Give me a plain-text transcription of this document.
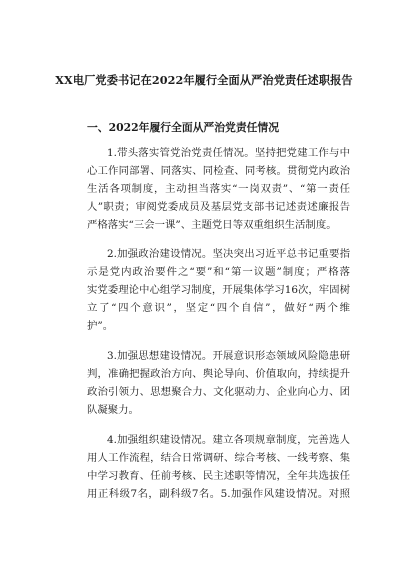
XX电厂党委书记在2022年履行全面从严治党责任述职报告
一、2022年履行全面从严治党责任情况
1.带头落实管党治党责任情况。坚持把党建工作与中
心工作同部署、同落实、同检查、同考核。贯彻党内政治
生活各项制度，主动担当落实“一岗双责”、“第一责任
人”职责；审阅党委成员及基层党支部书记述责述廉报告
严格落实“三会一课”、主题党日等双重组织生活制度。
2.加强政治建设情况。坚决突出习近平总书记重要指
示是党内政治要件之“要”和“第一议题”制度；严格落
实党委理论中心组学习制度，开展集体学习16次，牢固树
立了“四个意识”，坚定“四个自信”，做好“两个维
护”。
3.加强思想建设情况。开展意识形态领域风险隐患研
判，准确把握政治方向、舆论导向、价值取向，持续提升
政治引领力、思想聚合力、文化驱动力、企业向心力、团
队凝聚力。
4.加强组织建设情况。建立各项规章制度，完善选人
用人工作流程，结合日常调研、综合考核、一线考察、集
中学习教育、任前考核、民主述职等情况，全年共选拔任
用正科级7名，副科级7名。5.加强作风建设情况。对照
